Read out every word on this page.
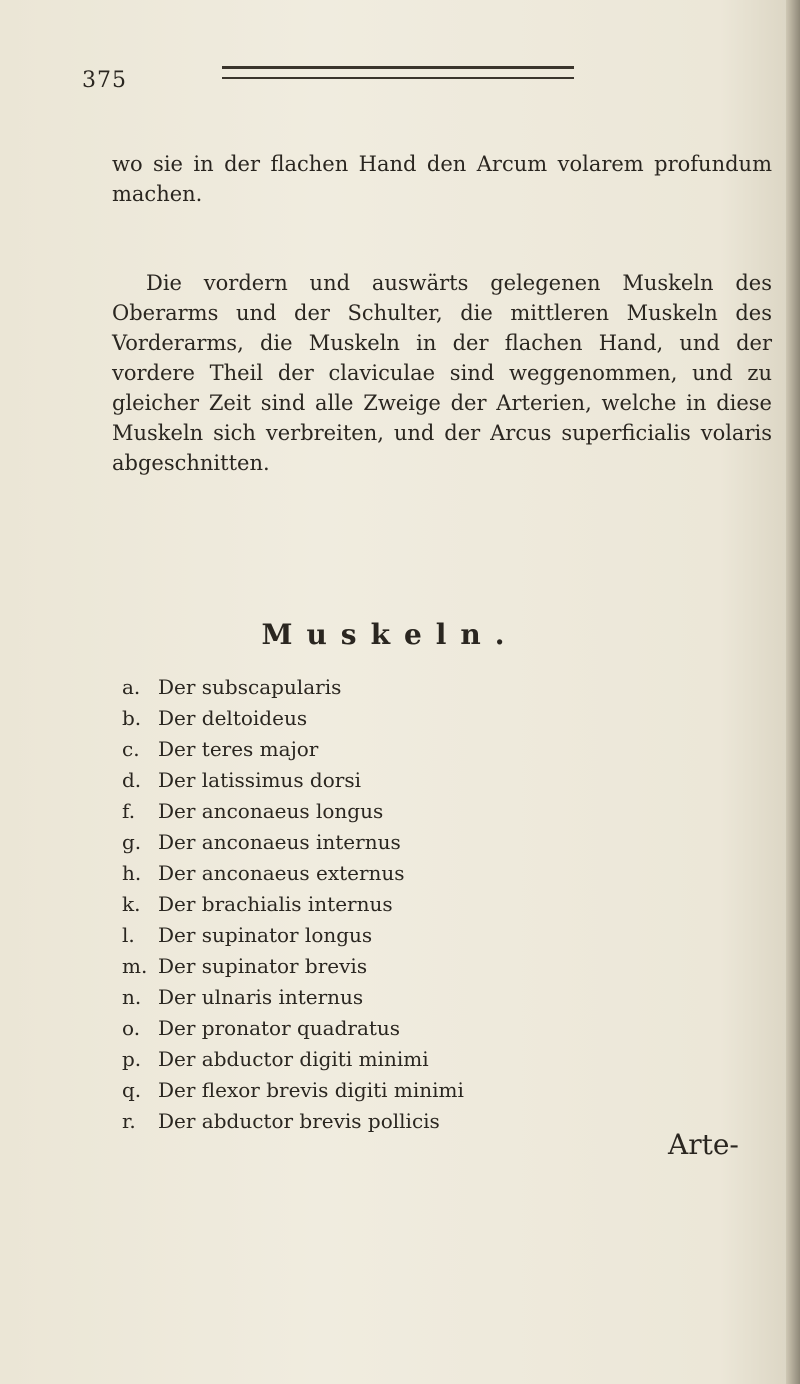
375

wo sie in der flachen Hand den Arcum volarem profundum machen.

Die vordern und auswärts gelegenen Muskeln des Oberarms und der Schulter, die mittleren Muskeln des Vorderarms, die Muskeln in der flachen Hand, und der vordere Theil der claviculae sind weggenommen, und zu gleicher Zeit sind alle Zweige der Arterien, welche in diese Muskeln sich verbreiten, und der Arcus superficialis volaris abgeschnitten.

Muskeln.
a. Der subscapularis
b. Der deltoideus
c. Der teres major
d. Der latissimus dorsi
f. Der anconaeus longus
g. Der anconaeus internus
h. Der anconaeus externus
k. Der brachialis internus
l. Der supinator longus
m. Der supinator brevis
n. Der ulnaris internus
o. Der pronator quadratus
p. Der abductor digiti minimi
q. Der flexor brevis digiti minimi
r. Der abductor brevis pollicis
Arte-
